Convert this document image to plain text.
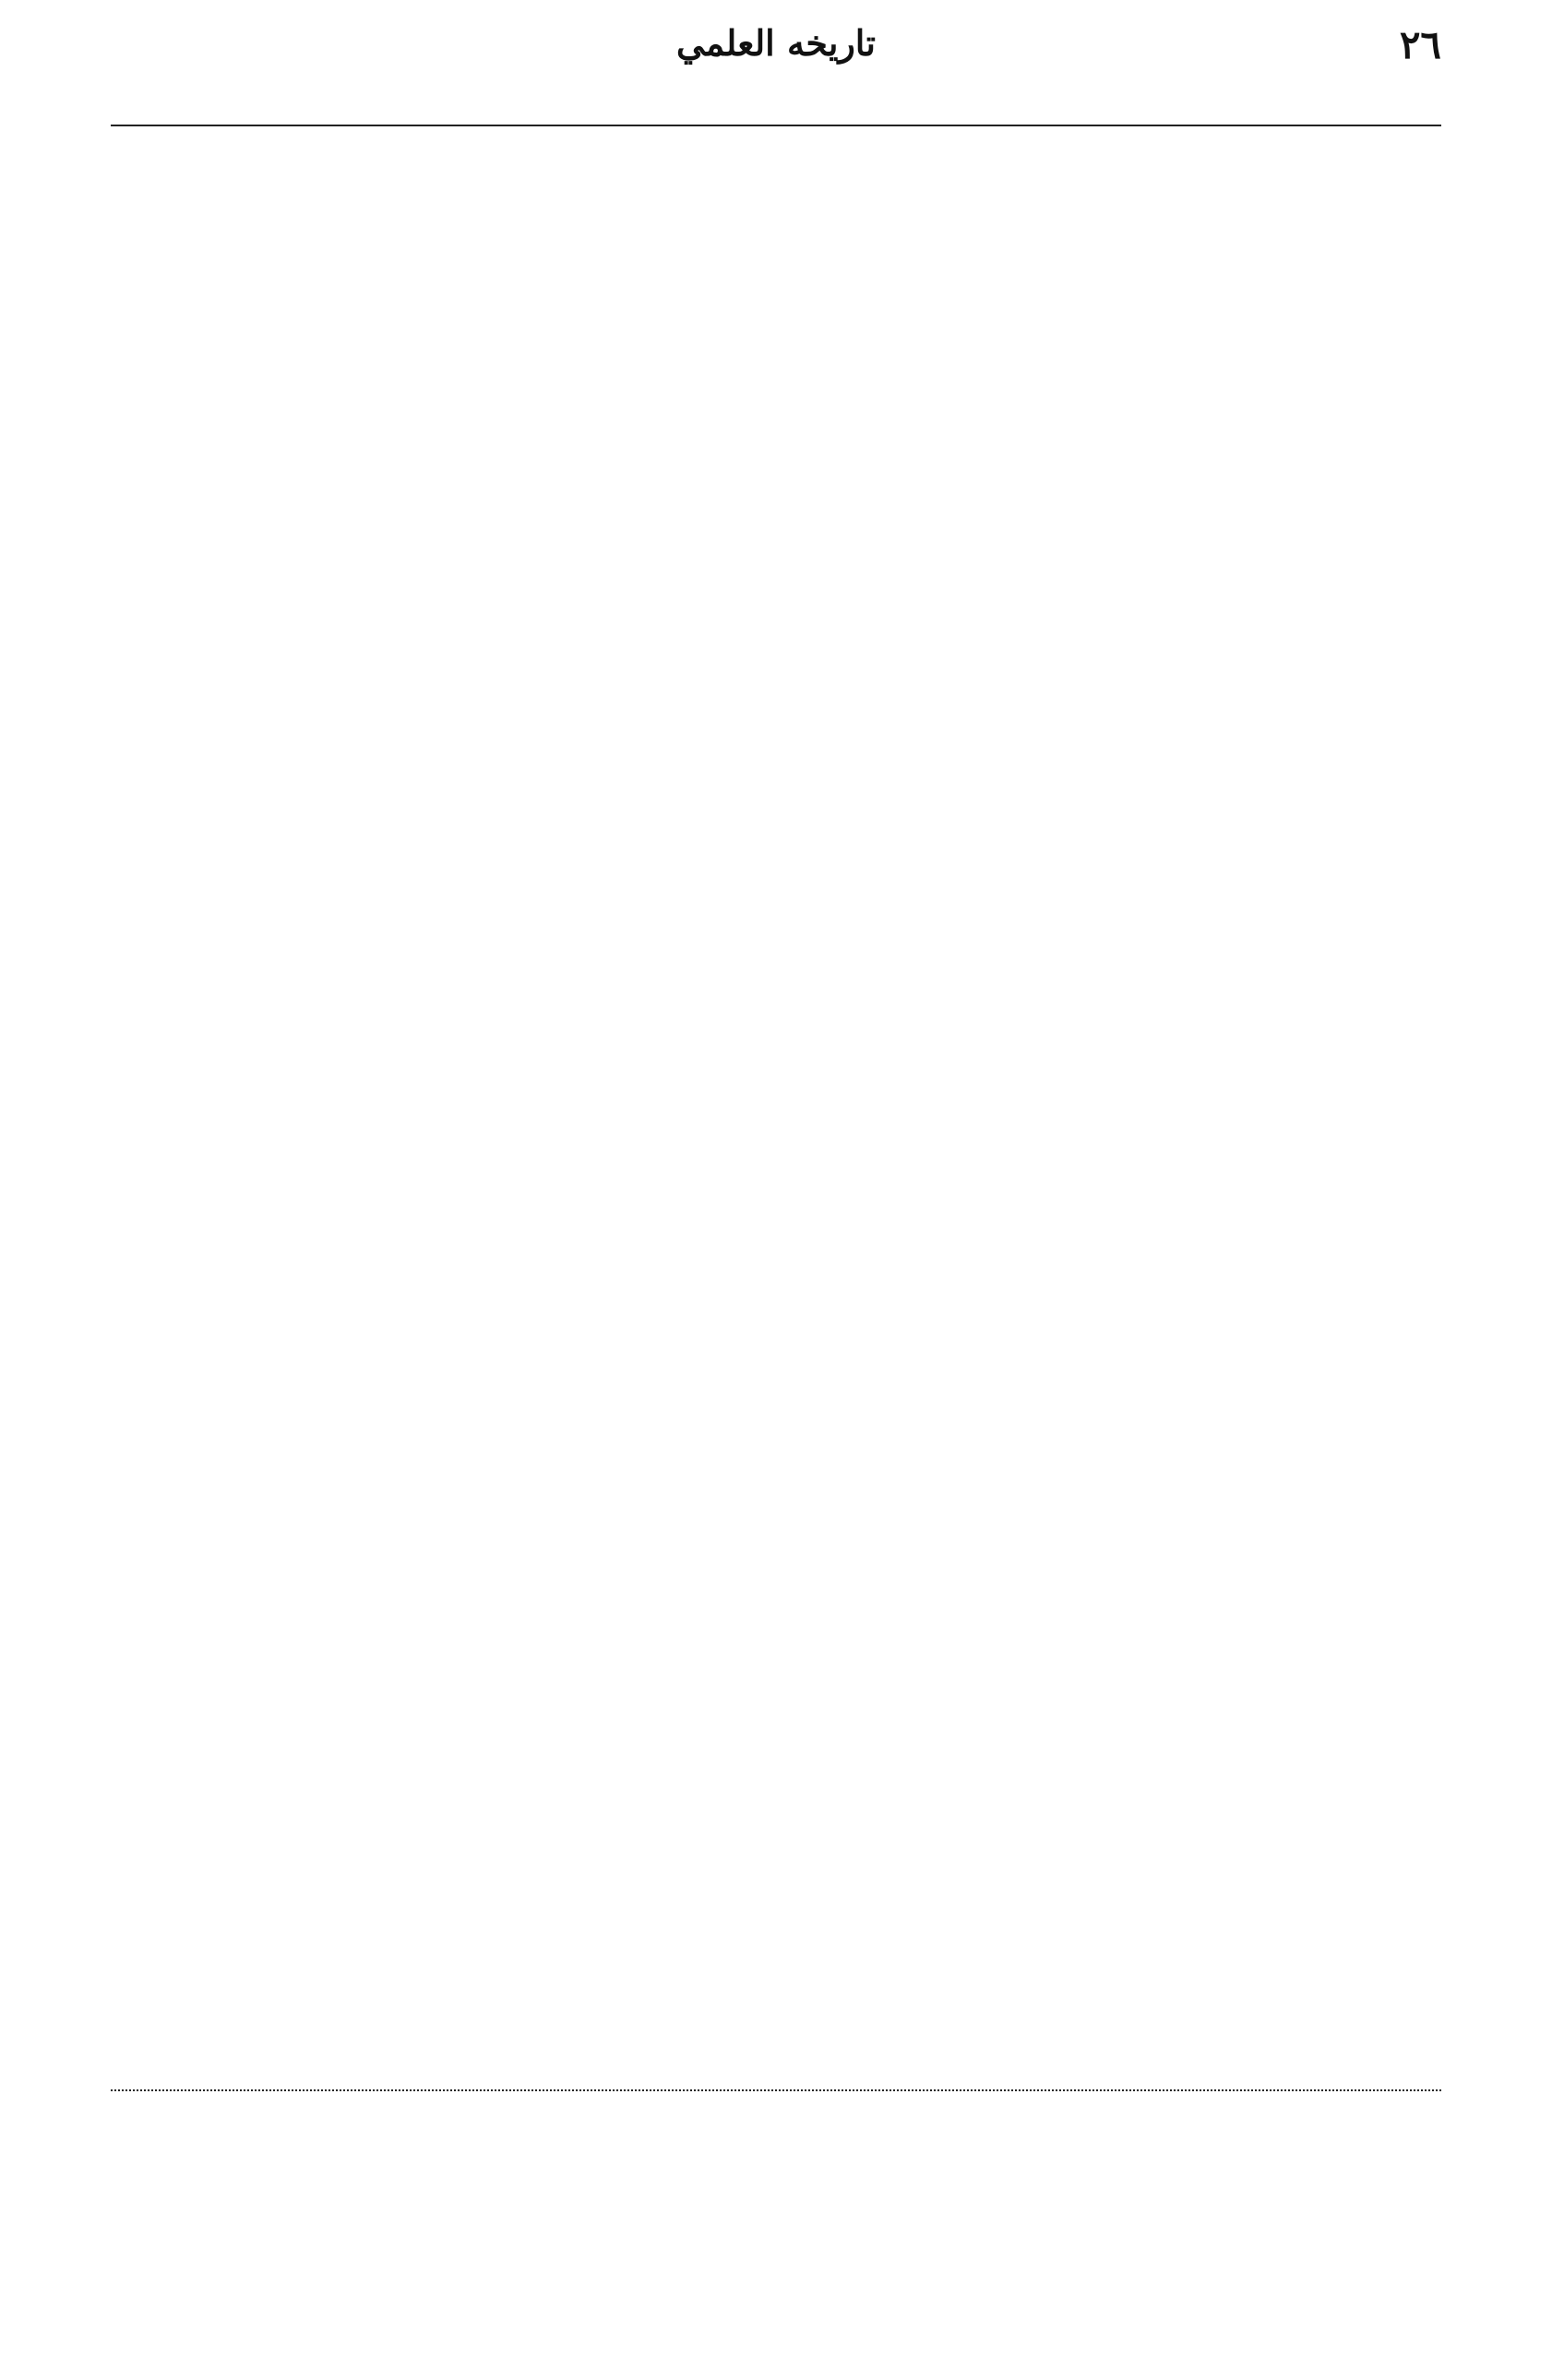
٢٦
تاريخه العلمي
